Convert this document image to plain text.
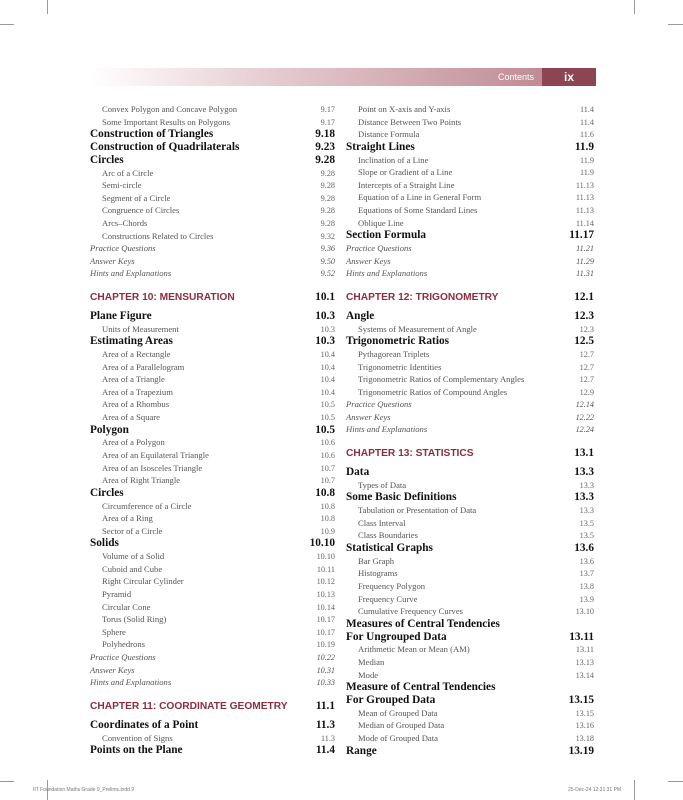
Contents	ix
Convex Polygon and Concave Polygon	9.17
Some Important Results on Polygons	9.17
Construction of Triangles	9.18
Construction of Quadrilaterals	9.23
Circles	9.28
Arc of a Circle	9.28
Semi-circle	9.28
Segment of a Circle	9.28
Congruence of Circles	9.28
Arcs–Chords	9.28
Constructions Related to Circles	9.32
Practice Questions	9.36
Answer Keys	9.50
Hints and Explanations	9.52
CHAPTER 10: MENSURATION	10.1
Plane Figure	10.3
Units of Measurement	10.3
Estimating Areas	10.3
Area of a Rectangle	10.4
Area of a Parallelogram	10.4
Area of a Triangle	10.4
Area of a Trapezium	10.4
Area of a Rhombus	10.5
Area of a Square	10.5
Polygon	10.5
Area of a Polygon	10.6
Area of an Equilateral Triangle	10.6
Area of an Isosceles Triangle	10.7
Area of Right Triangle	10.7
Circles	10.8
Circumference of a Circle	10.8
Area of a Ring	10.8
Sector of a Circle	10.9
Solids	10.10
Volume of a Solid	10.10
Cuboid and Cube	10.11
Right Circular Cylinder	10.12
Pyramid	10.13
Circular Cone	10.14
Torus (Solid Ring)	10.17
Sphere	10.17
Polyhedrons	10.19
Practice Questions	10.22
Answer Keys	10.31
Hints and Explanations	10.33
CHAPTER 11: COORDINATE GEOMETRY	11.1
Coordinates of a Point	11.3
Convention of Signs	11.3
Points on the Plane	11.4
Point on X-axis and Y-axis	11.4
Distance Between Two Points	11.4
Distance Formula	11.6
Straight Lines	11.9
Inclination of a Line	11.9
Slope or Gradient of a Line	11.9
Intercepts of a Straight Line	11.13
Equation of a Line in General Form	11.13
Equations of Some Standard Lines	11.13
Oblique Line	11.14
Section Formula	11.17
Practice Questions	11.21
Answer Keys	11.29
Hints and Explanations	11.31
CHAPTER 12: TRIGONOMETRY	12.1
Angle	12.3
Systems of Measurement of Angle	12.3
Trigonometric Ratios	12.5
Pythagorean Triplets	12.7
Trigonometric Identities	12.7
Trigonometric Ratios of Complementary Angles	12.7
Trigonometric Ratios of Compound Angles	12.9
Practice Questions	12.14
Answer Keys	12.22
Hints and Explanations	12.24
CHAPTER 13: STATISTICS	13.1
Data	13.3
Types of Data	13.3
Some Basic Definitions	13.3
Tabulation or Presentation of Data	13.3
Class Interval	13.5
Class Boundaries	13.5
Statistical Graphs	13.6
Bar Graph	13.6
Histograms	13.7
Frequency Polygon	13.8
Frequency Curve	13.9
Cumulative Frequency Curves	13.10
Measures of Central Tendencies
For Ungrouped Data	13.11
Arithmetic Mean or Mean (AM)	13.11
Median	13.13
Mode	13.14
Measure of Central Tendencies
For Grouped Data	13.15
Mean of Grouped Data	13.15
Median of Grouped Data	13.16
Mode of Grouped Data	13.18
Range	13.19
IIT Foundation Maths Grade 9_Prelims.indd 9	25-Dec-24 12:31:31 PM
